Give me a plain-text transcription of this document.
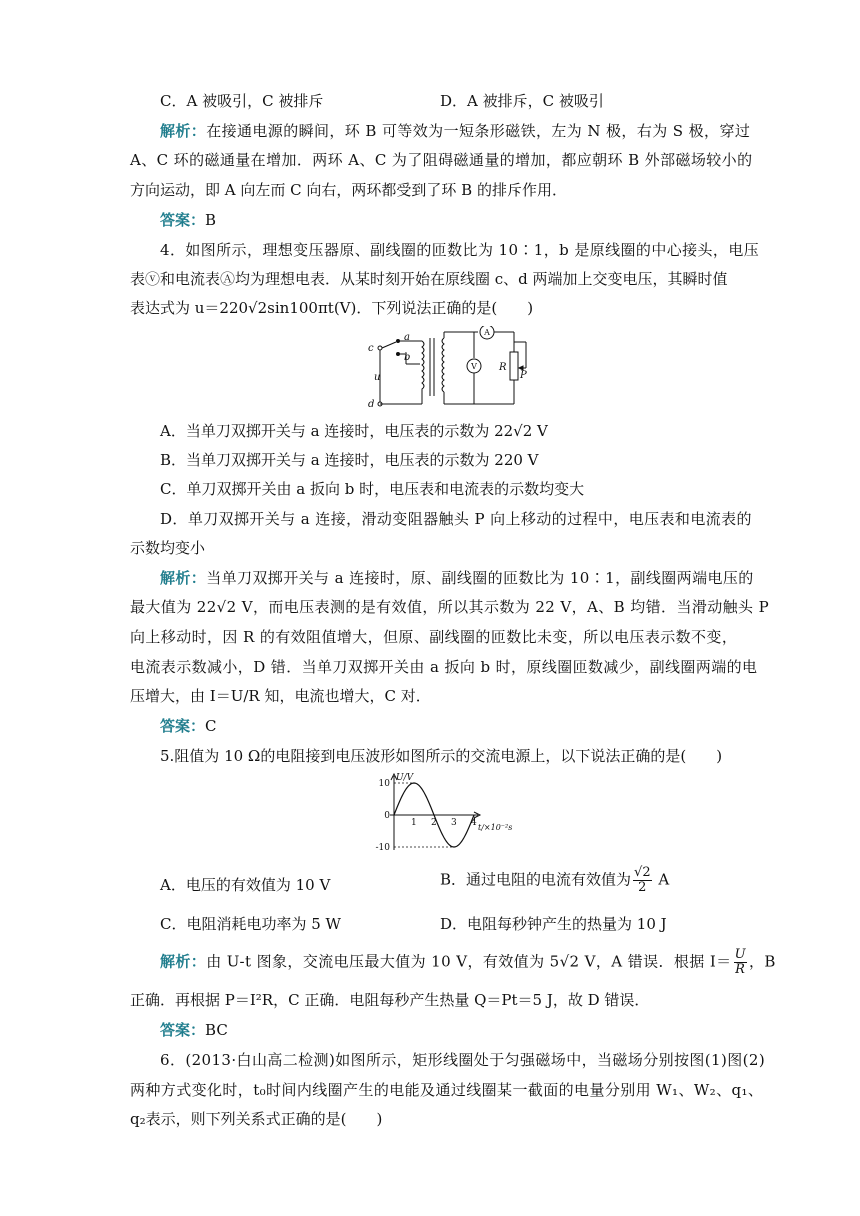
C．A 被吸引，C 被排斥	D．A 被排斥，C 被吸引
解析：在接通电源的瞬间，环 B 可等效为一短条形磁铁，左为 N 极，右为 S 极，穿过
A、C 环的磁通量在增加．两环 A、C 为了阻碍磁通量的增加，都应朝环 B 外部磁场较小的
方向运动，即 A 向左而 C 向右，两环都受到了环 B 的排斥作用．
答案：B
4．如图所示，理想变压器原、副线圈的匝数比为 10∶1，b 是原线圈的中心接头，电压
表ⓥ和电流表Ⓐ均为理想电表．从某时刻开始在原线圈 c、d 两端加上交变电压，其瞬时值
表达式为 u＝220√2sin100πt(V)．下列说法正确的是(　　)
c
a
b
u
d
R
P
A
V
A．当单刀双掷开关与 a 连接时，电压表的示数为 22√2 V
B．当单刀双掷开关与 a 连接时，电压表的示数为 220 V
C．单刀双掷开关由 a 扳向 b 时，电压表和电流表的示数均变大
D．单刀双掷开关与 a 连接，滑动变阻器触头 P 向上移动的过程中，电压表和电流表的
示数均变小
解析：当单刀双掷开关与 a 连接时，原、副线圈的匝数比为 10∶1，副线圈两端电压的
最大值为 22√2 V，而电压表测的是有效值，所以其示数为 22 V，A、B 均错．当滑动触头 P
向上移动时，因 R 的有效阻值增大，但原、副线圈的匝数比未变，所以电压表示数不变，
电流表示数减小，D 错．当单刀双掷开关由 a 扳向 b 时，原线圈匝数减少，副线圈两端的电
压增大，由 I＝U/R 知，电流也增大，C 对．
答案：C
5.阻值为 10 Ω的电阻接到电压波形如图所示的交流电源上，以下说法正确的是(　　)
U/V
t/×10⁻²s
1 2 3 4
10
0
-10
A．电压的有效值为 10 V	B．通过电阻的电流有效值为 $\frac{√2}{2}$ A
C．电阻消耗电功率为 5 W	D．电阻每秒钟产生的热量为 10 J
解析：由 U-t 图象，交流电压最大值为 10 V，有效值为 5√2 V，A 错误．根据 $I= \frac{U}{R}$ ，B
正确．再根据 P＝I²R，C 正确．电阻每秒产生热量 Q＝Pt＝5 J，故 D 错误．
答案：BC
6．(2013·白山高二检测)如图所示，矩形线圈处于匀强磁场中，当磁场分别按图(1)图(2)
两种方式变化时，t₀时间内线圈产生的电能及通过线圈某一截面的电量分别用 W₁、W₂、q₁、
q₂表示，则下列关系式正确的是(　　)
